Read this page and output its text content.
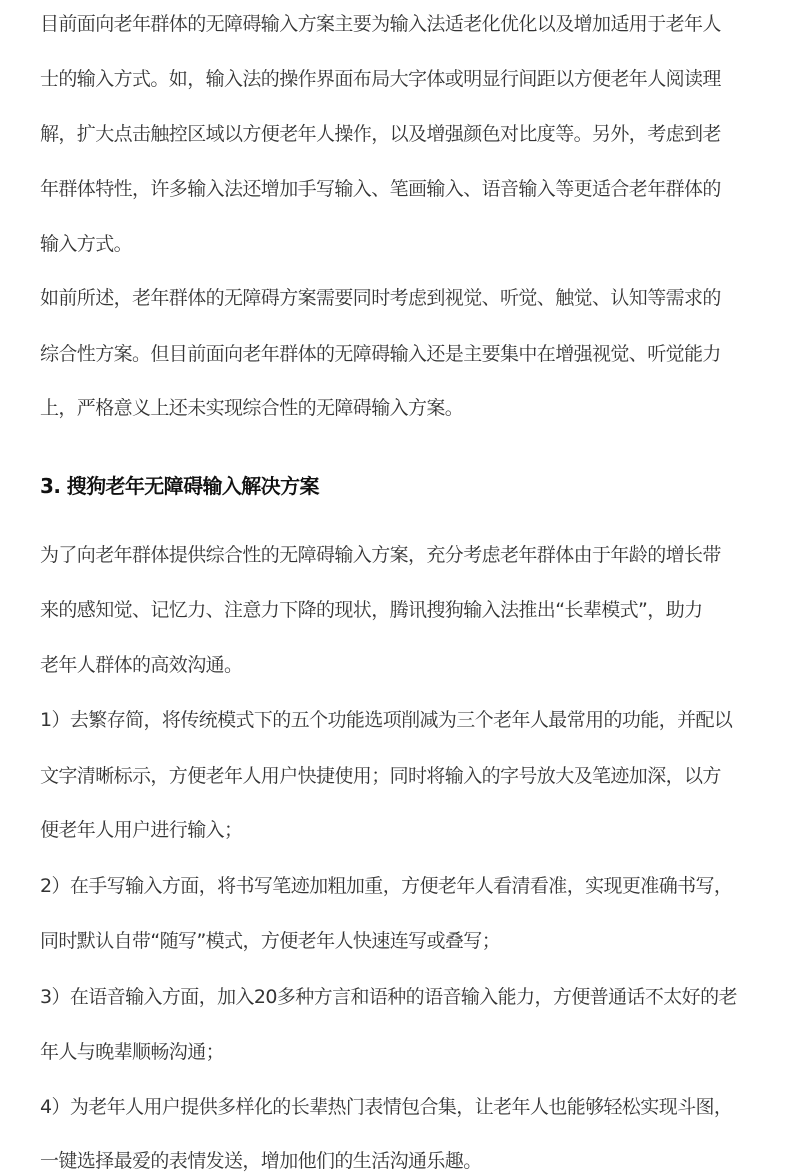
目前面向老年群体的无障碍输入方案主要为输入法适老化优化以及增加适用于老年人
士的输入方式。如，输入法的操作界面布局大字体或明显行间距以方便老年人阅读理
解，扩大点击触控区域以方便老年人操作，以及增强颜色对比度等。另外，考虑到老
年群体特性，许多输入法还增加手写输入、笔画输入、语音输入等更适合老年群体的
输入方式。
如前所述，老年群体的无障碍方案需要同时考虑到视觉、听觉、触觉、认知等需求的
综合性方案。但目前面向老年群体的无障碍输入还是主要集中在增强视觉、听觉能力
上，严格意义上还未实现综合性的无障碍输入方案。
3. 搜狗老年无障碍输入解决方案
为了向老年群体提供综合性的无障碍输入方案，充分考虑老年群体由于年龄的增长带
来的感知觉、记忆力、注意力下降的现状，腾讯搜狗输入法推出“长辈模式”，助力
老年人群体的高效沟通。
1）去繁存简，将传统模式下的五个功能选项削减为三个老年人最常用的功能，并配以
文字清晰标示，方便老年人用户快捷使用；同时将输入的字号放大及笔迹加深，以方
便老年人用户进行输入；
2）在手写输入方面，将书写笔迹加粗加重，方便老年人看清看准，实现更准确书写，
同时默认自带“随写”模式，方便老年人快速连写或叠写；
3）在语音输入方面，加入20多种方言和语种的语音输入能力，方便普通话不太好的老
年人与晚辈顺畅沟通；
4）为老年人用户提供多样化的长辈热门表情包合集，让老年人也能够轻松实现斗图，
一键选择最爱的表情发送，增加他们的生活沟通乐趣。
